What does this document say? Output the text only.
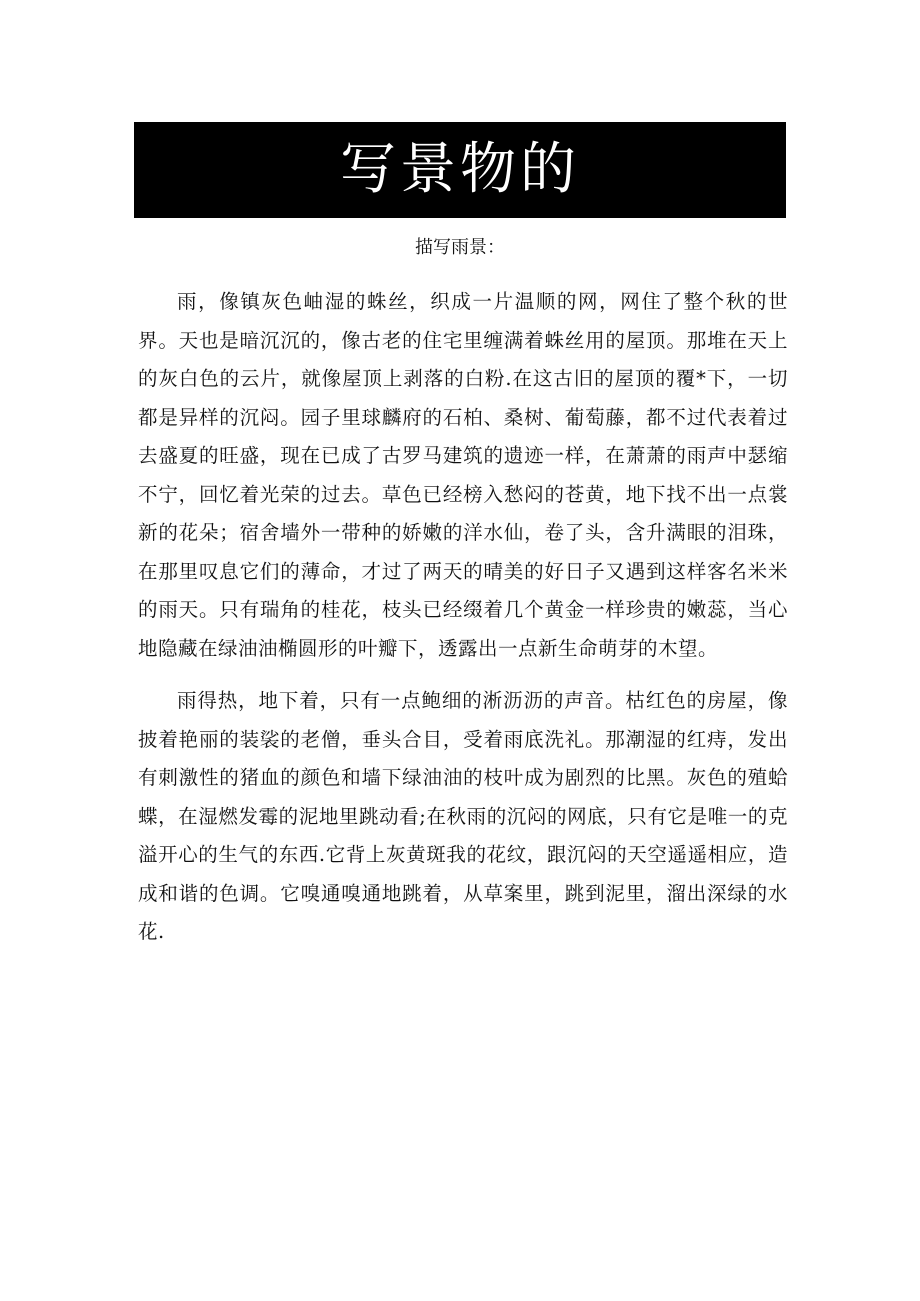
写景物的
描写雨景：

雨，像镇灰色岫湿的蛛丝，织成一片温顺的网，网住了整个秋的世界。天也是暗沉沉的，像古老的住宅里缠满着蛛丝用的屋顶。那堆在天上的灰白色的云片，就像屋顶上剥落的白粉.在这古旧的屋顶的覆*下，一切都是异样的沉闷。园子里球麟府的石柏、桑树、葡萄藤，都不过代表着过去盛夏的旺盛，现在已成了古罗马建筑的遗迹一样，在萧萧的雨声中瑟缩不宁，回忆着光荣的过去。草色已经榜入愁闷的苍黄，地下找不出一点裳新的花朵；宿舍墙外一带种的娇嫩的洋水仙，卷了头，含升满眼的泪珠，在那里叹息它们的薄命，才过了两天的晴美的好日子又遇到这样客名米米的雨天。只有瑞角的桂花，枝头已经缀着几个黄金一样珍贵的嫩蕊，当心地隐藏在绿油油椭圆形的叶瓣下，透露出一点新生命萌芽的木望。

雨得热，地下着，只有一点鲍细的淅沥沥的声音。枯红色的房屋，像披着艳丽的装裟的老僧，垂头合目，受着雨底洗礼。那潮湿的红痔，发出有刺激性的猪血的颜色和墙下绿油油的枝叶成为剧烈的比黑。灰色的殖蛤蝶，在湿燃发霉的泥地里跳动看;在秋雨的沉闷的网底，只有它是唯一的克溢开心的生气的东西.它背上灰黄斑我的花纹，跟沉闷的天空遥遥相应，造成和谐的色调。它嗅通嗅通地跳着，从草案里，跳到泥里，溜出深绿的水花.
